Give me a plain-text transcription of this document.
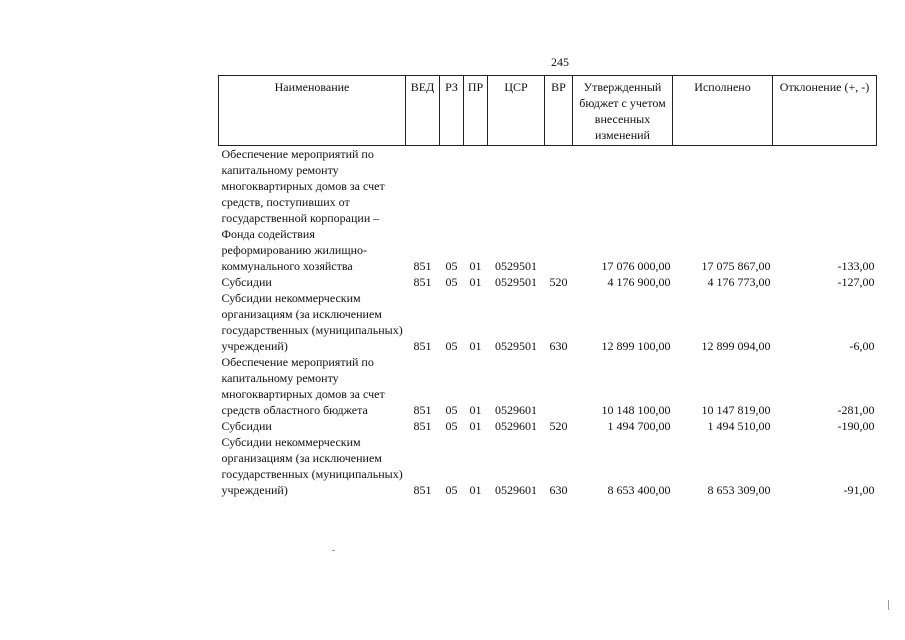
245
Наименование	ВЕД	РЗ	ПР	ЦСР	ВР	Утвержденный бюджет с учетом внесенных изменений	Исполнено	Отклонение (+, -)
Обеспечение мероприятий по капитальному ремонту многоквартирных домов за счет средств, поступивших от государственной корпорации – Фонда содействия реформированию жилищно-коммунального хозяйства	851	05	01	0529501		17 076 000,00	17 075 867,00	-133,00
Субсидии	851	05	01	0529501	520	4 176 900,00	4 176 773,00	-127,00
Субсидии некоммерческим организациям (за исключением государственных (муниципальных) учреждений)	851	05	01	0529501	630	12 899 100,00	12 899 094,00	-6,00
Обеспечение мероприятий по капитальному ремонту многоквартирных домов за счет средств областного бюджета	851	05	01	0529601		10 148 100,00	10 147 819,00	-281,00
Субсидии	851	05	01	0529601	520	1 494 700,00	1 494 510,00	-190,00
Субсидии некоммерческим организациям (за исключением государственных (муниципальных) учреждений)	851	05	01	0529601	630	8 653 400,00	8 653 309,00	-91,00
